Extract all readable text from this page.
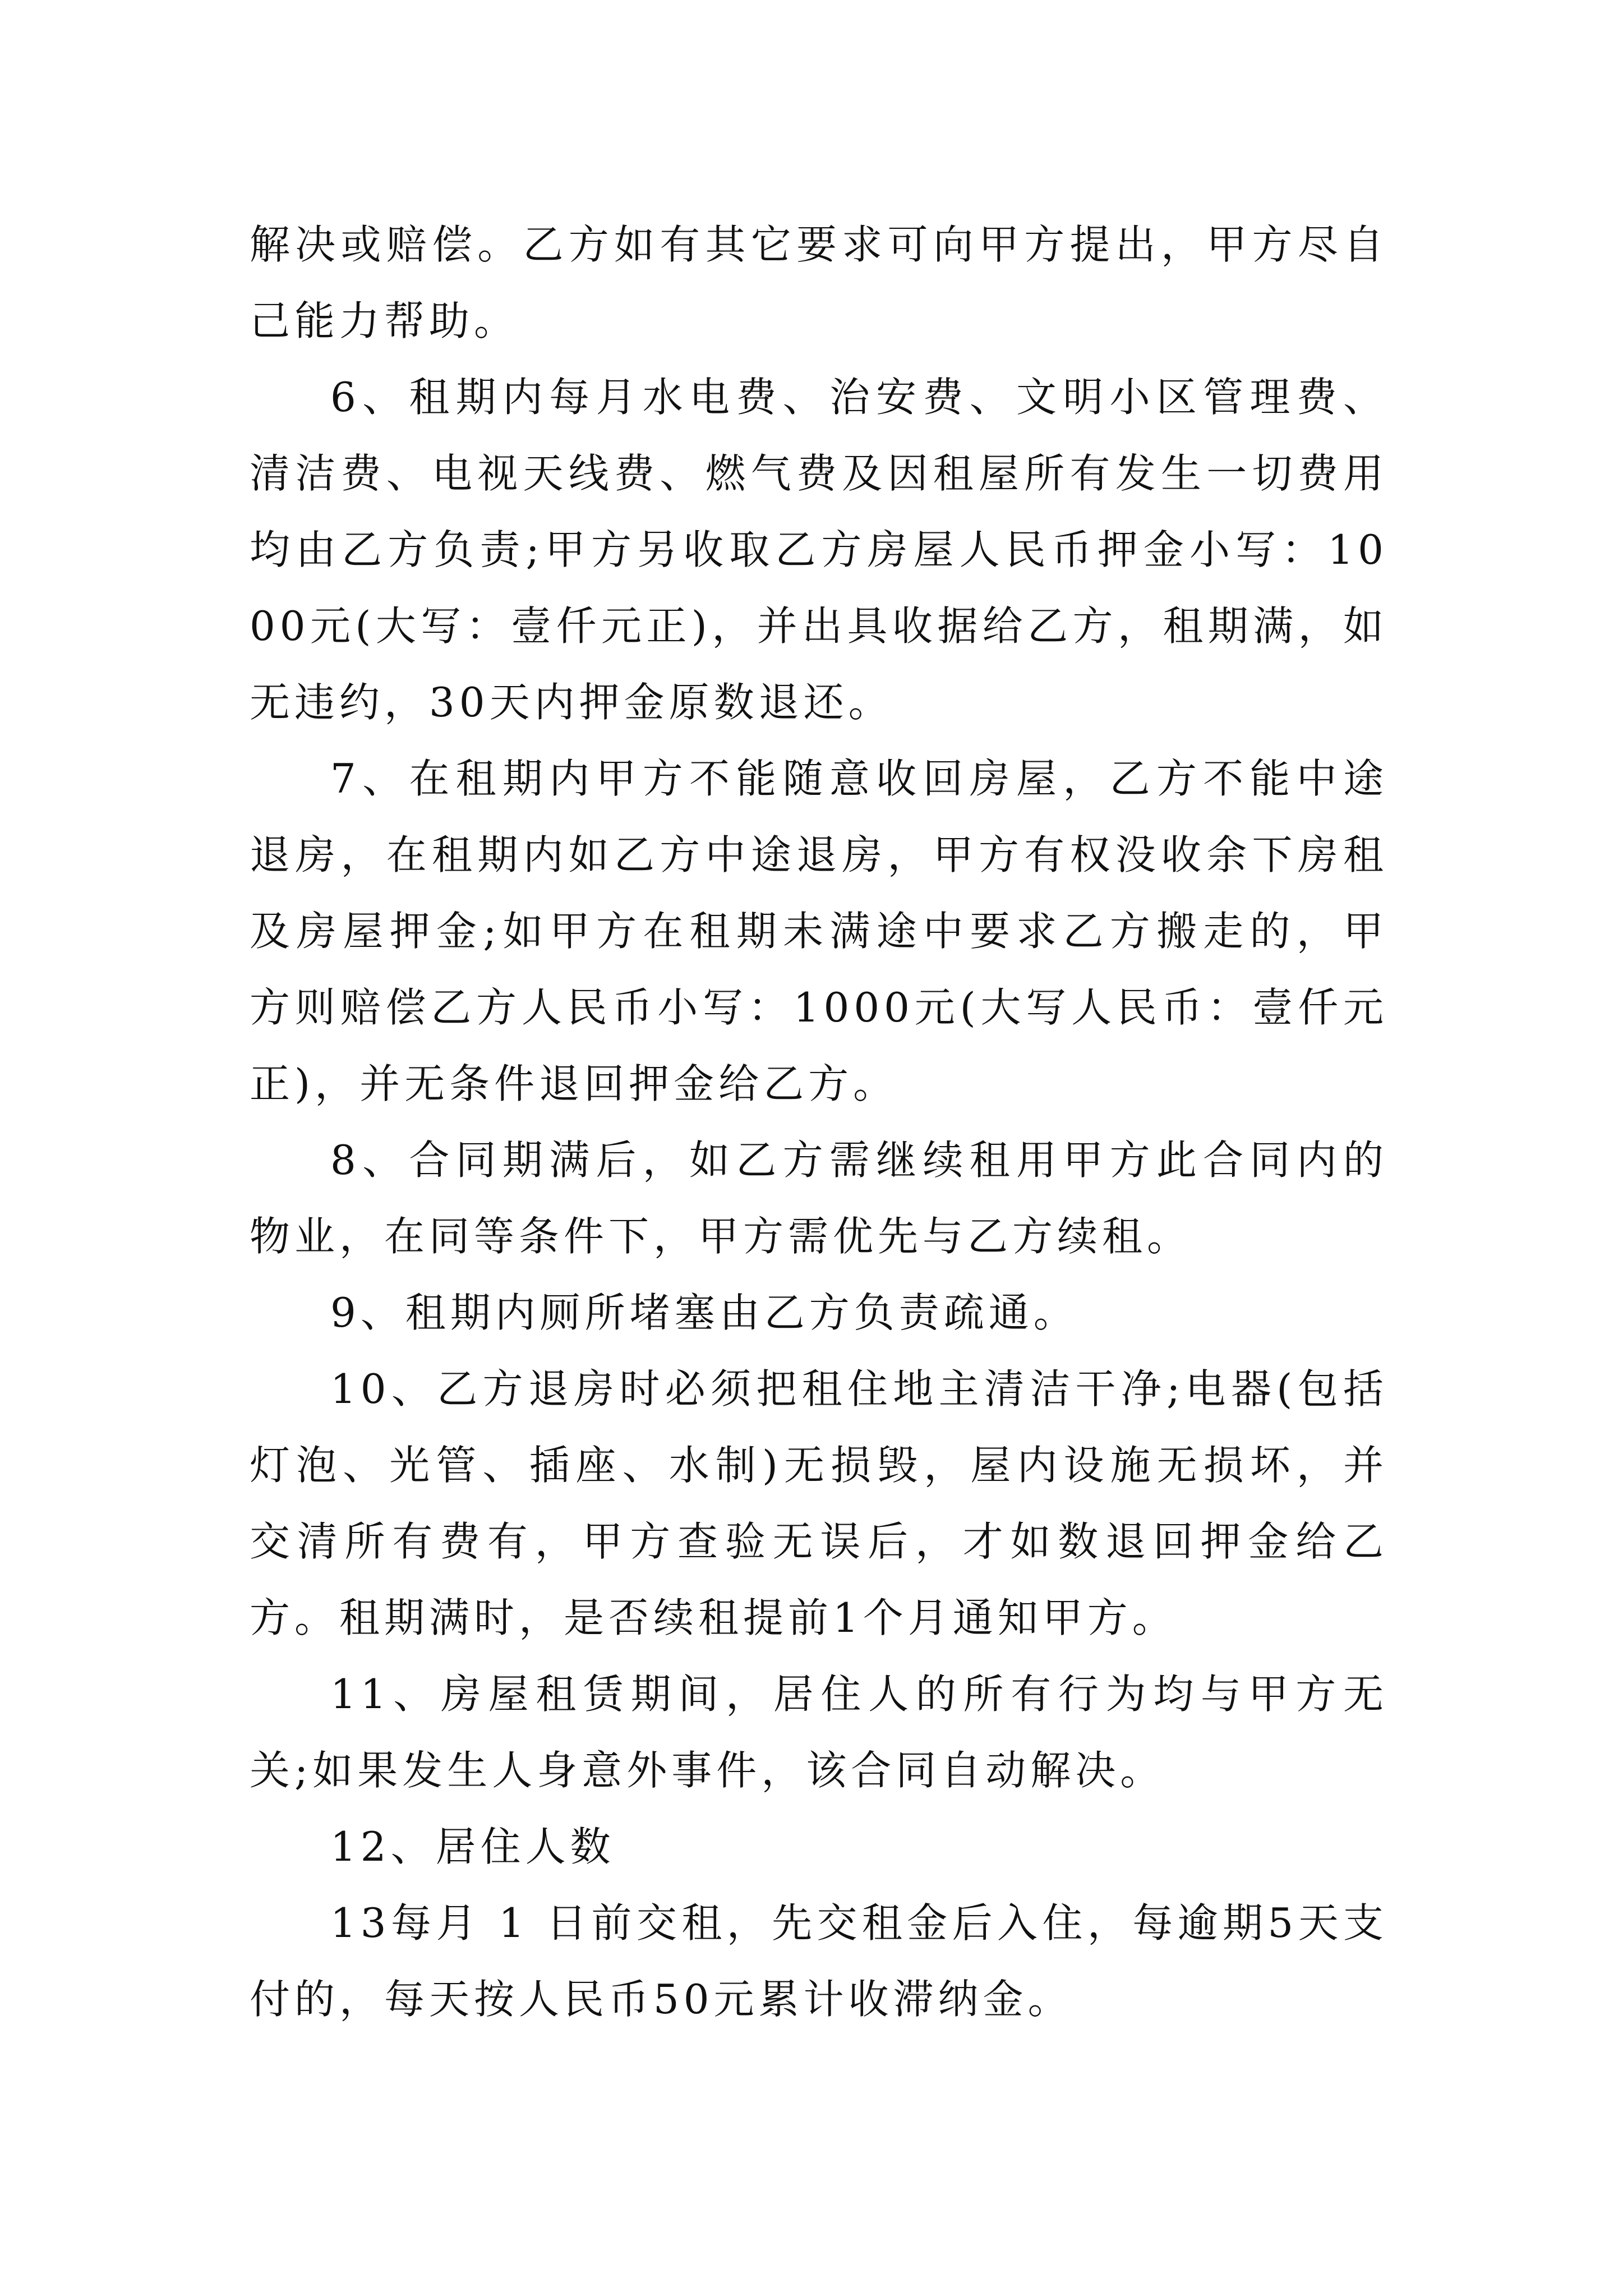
解决或赔偿。乙方如有其它要求可向甲方提出，甲方尽自己能力帮助。

6、租期内每月水电费、治安费、文明小区管理费、清洁费、电视天线费、燃气费及因租屋所有发生一切费用均由乙方负责;甲方另收取乙方房屋人民币押金小写：1000元(大写：壹仟元正)，并出具收据给乙方，租期满，如无违约，30天内押金原数退还。

7、在租期内甲方不能随意收回房屋，乙方不能中途退房，在租期内如乙方中途退房，甲方有权没收余下房租及房屋押金;如甲方在租期未满途中要求乙方搬走的，甲方则赔偿乙方人民币小写：1000元(大写人民币：壹仟元正)，并无条件退回押金给乙方。

8、合同期满后，如乙方需继续租用甲方此合同内的物业，在同等条件下，甲方需优先与乙方续租。

9、租期内厕所堵塞由乙方负责疏通。

10、乙方退房时必须把租住地主清洁干净;电器(包括灯泡、光管、插座、水制)无损毁，屋内设施无损坏，并交清所有费有，甲方查验无误后，才如数退回押金给乙方。租期满时，是否续租提前1个月通知甲方。

11、房屋租赁期间，居住人的所有行为均与甲方无关;如果发生人身意外事件，该合同自动解决。

12、居住人数

13每月 1 日前交租，先交租金后入住，每逾期5天支付的，每天按人民币50元累计收滞纳金。
